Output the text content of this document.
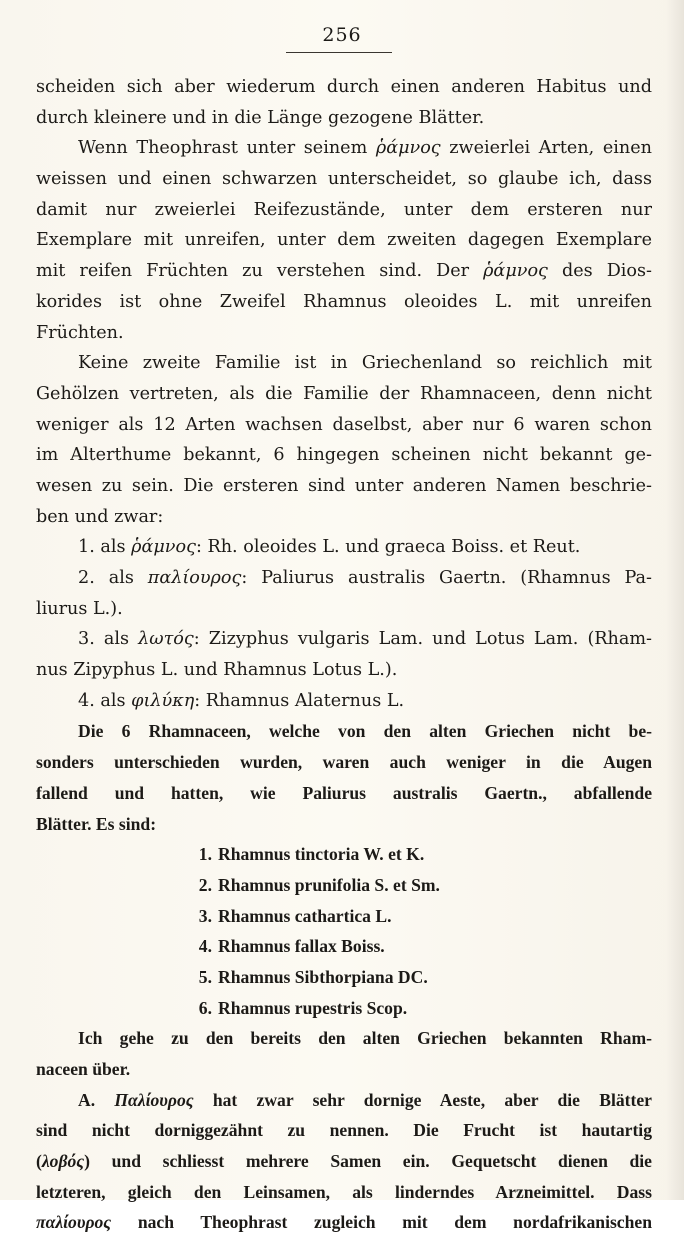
256
scheiden sich aber wiederum durch einen anderen Habitus und
durch kleinere und in die Länge gezogene Blätter.
Wenn Theophrast unter seinem ῥάμνος zweierlei Arten, einen
weissen und einen schwarzen unterscheidet, so glaube ich, dass
damit nur zweierlei Reifezustände, unter dem ersteren nur
Exemplare mit unreifen, unter dem zweiten dagegen Exemplare
mit reifen Früchten zu verstehen sind. Der ῥάμνος des Dios-
korides ist ohne Zweifel Rhamnus oleoides L. mit unreifen
Früchten.
Keine zweite Familie ist in Griechenland so reichlich mit
Gehölzen vertreten, als die Familie der Rhamnaceen, denn nicht
weniger als 12 Arten wachsen daselbst, aber nur 6 waren schon
im Alterthume bekannt, 6 hingegen scheinen nicht bekannt ge-
wesen zu sein. Die ersteren sind unter anderen Namen beschrie-
ben und zwar:
1. als ῥάμνος: Rh. oleoides L. und graeca Boiss. et Reut.
2. als παλίουρος: Paliurus australis Gaertn. (Rhamnus Pa-
liurus L.).
3. als λωτός: Zizyphus vulgaris Lam. und Lotus Lam. (Rham-
nus Zipyphus L. und Rhamnus Lotus L.).
4. als φιλύκη: Rhamnus Alaternus L.
Die 6 Rhamnaceen, welche von den alten Griechen nicht be-
sonders unterschieden wurden, waren auch weniger in die Augen
fallend und hatten, wie Paliurus australis Gaertn., abfallende
Blätter. Es sind:
1. Rhamnus tinctoria W. et K.
2. Rhamnus prunifolia S. et Sm.
3. Rhamnus cathartica L.
4. Rhamnus fallax Boiss.
5. Rhamnus Sibthorpiana DC.
6. Rhamnus rupestris Scop.
Ich gehe zu den bereits den alten Griechen bekannten Rham-
naceen über.
A. Παλίουρος hat zwar sehr dornige Aeste, aber die Blätter
sind nicht dorniggezähnt zu nennen. Die Frucht ist hautartig
(λοβός) und schliesst mehrere Samen ein. Gequetscht dienen die
letzteren, gleich den Leinsamen, als linderndes Arzneimittel. Dass
παλίουρος nach Theophrast zugleich mit dem nordafrikanischen
